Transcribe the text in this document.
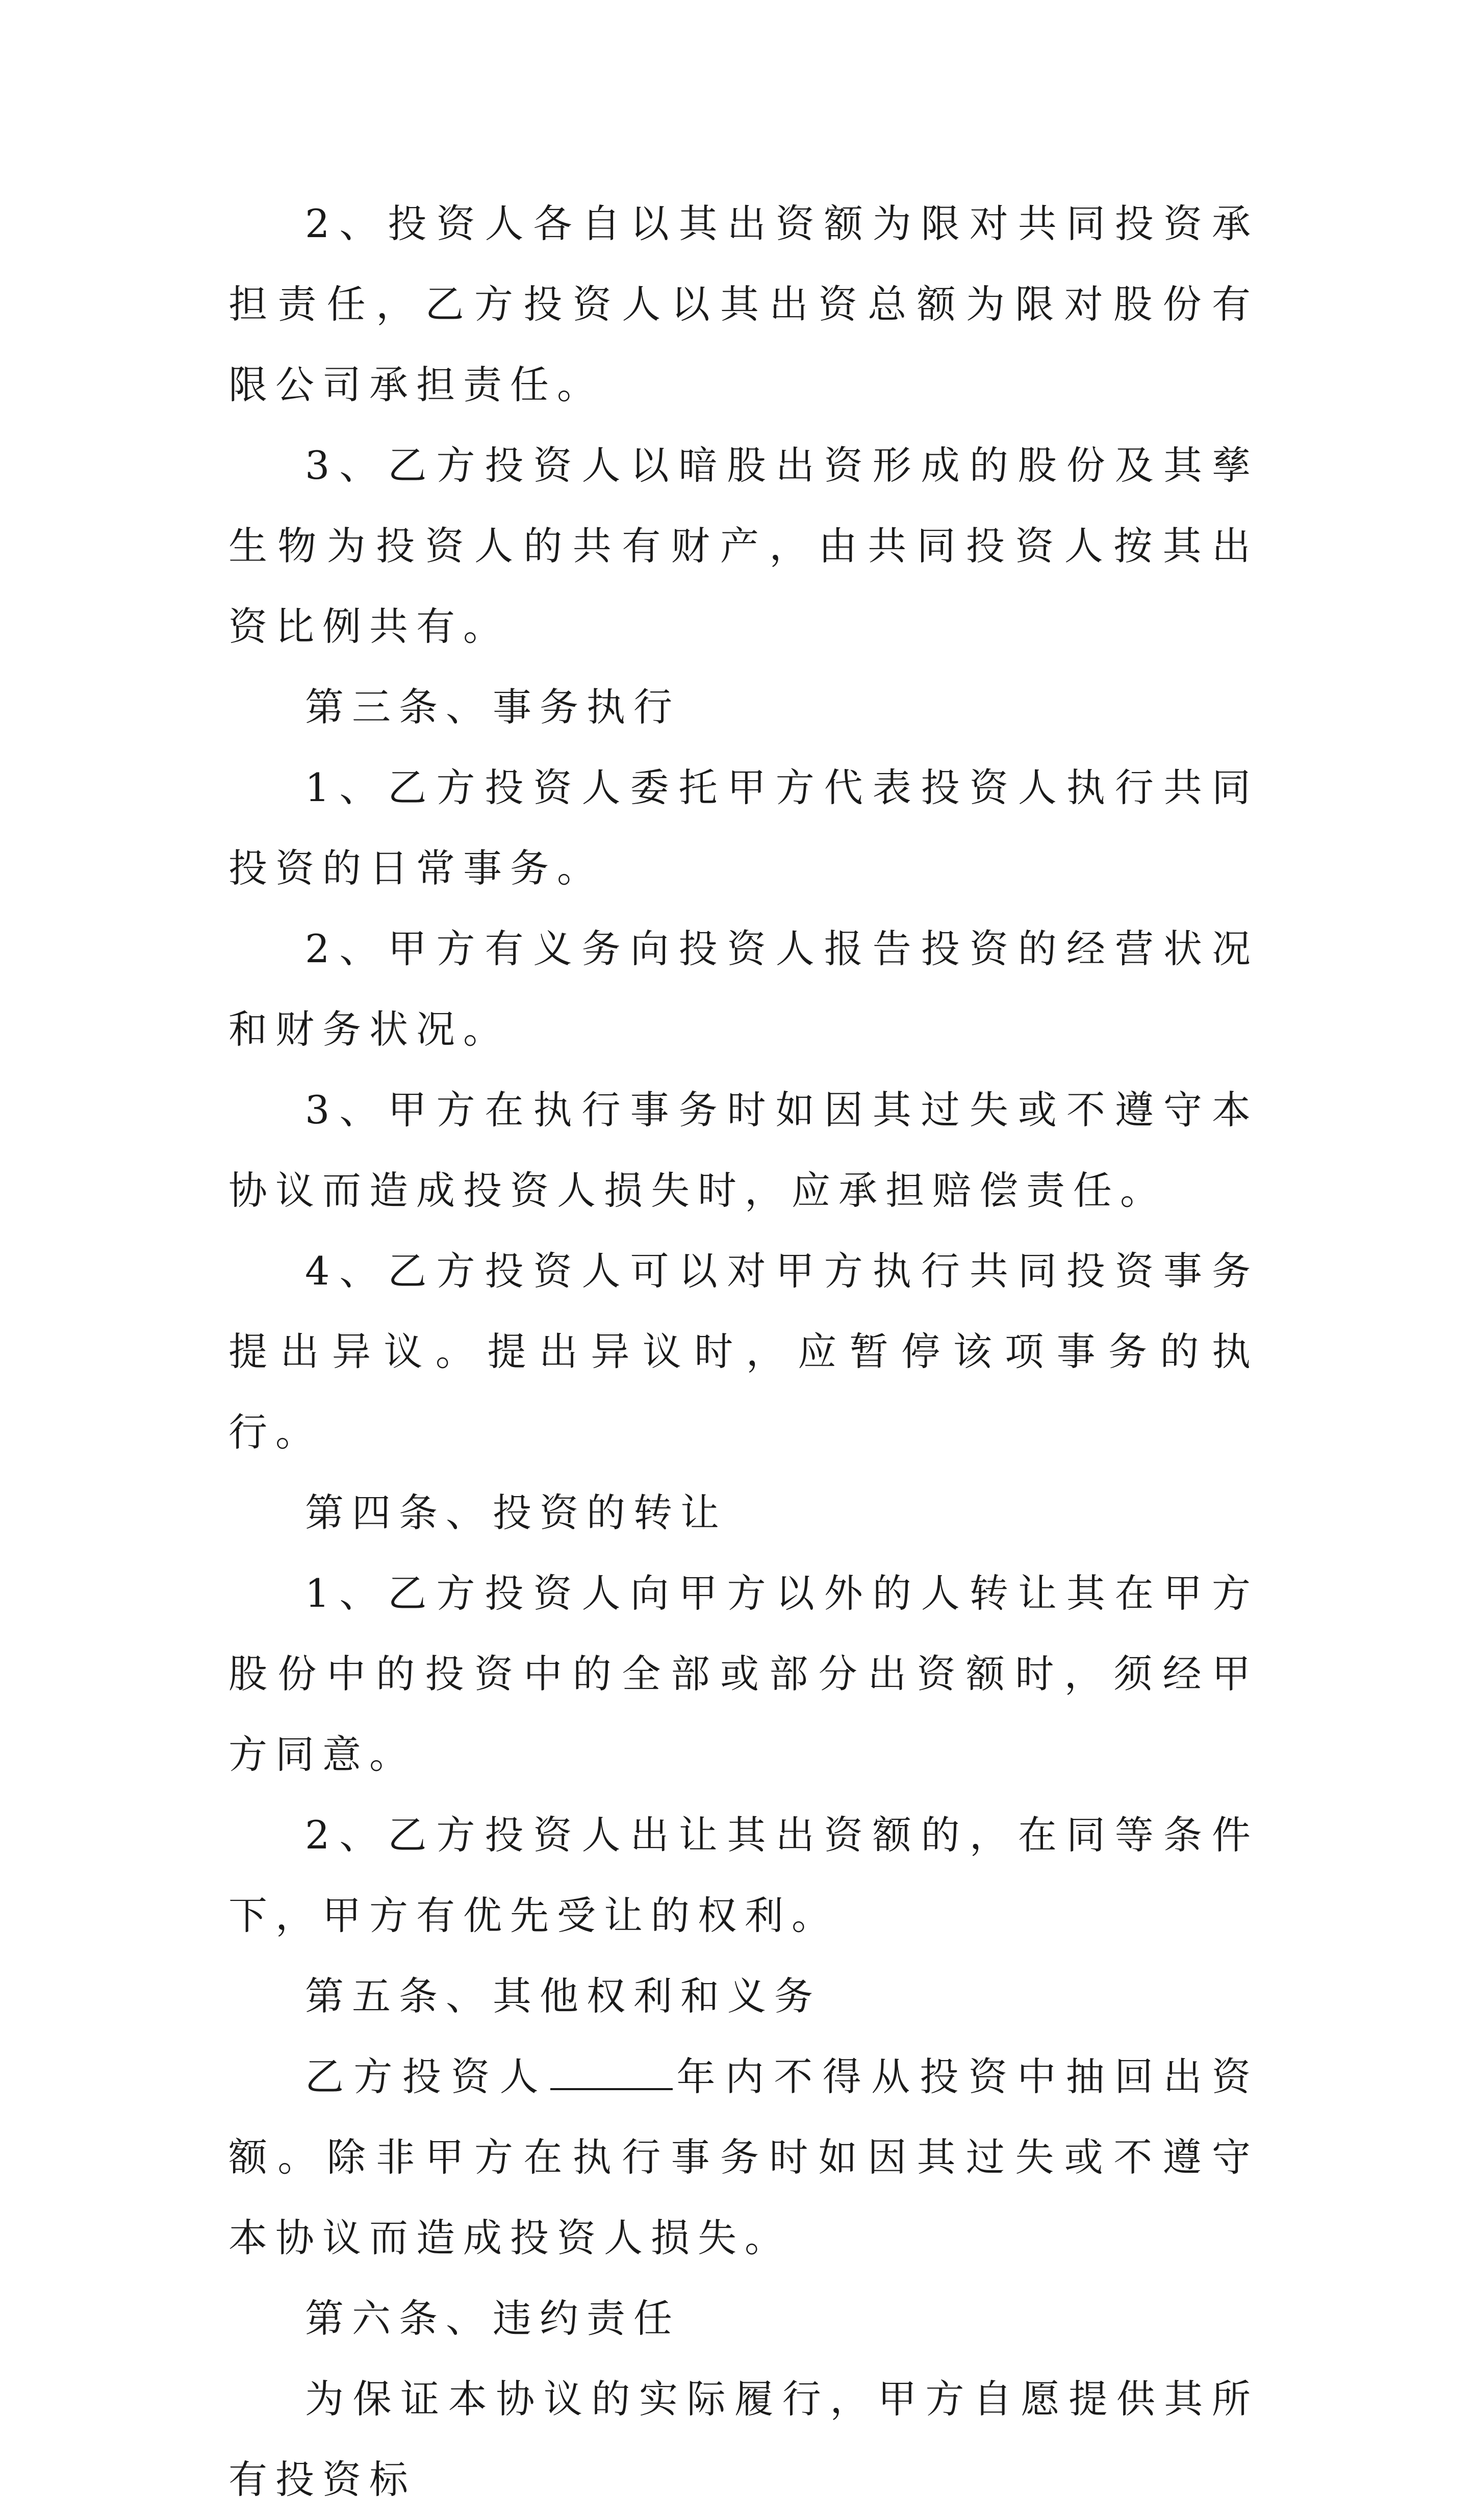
2、投资人各自以其出资额为限对共同投资承担责任，乙方投资人以其出资总额为限对股份有限公司承担责任。

3、乙方投资人以暗股出资形成的股份及其孳生物为投资人的共有财产，由共同投资人按其出资比例共有。

第三条、事务执行

1、乙方投资人委托甲方代表投资人执行共同投资的日常事务。

2、甲方有义务向投资人报告投资的经营状况和财务状况。

3、甲方在执行事务时如因其过失或不遵守本协议而造成投资人损失时，应承担赔偿责任。

4、乙方投资人可以对甲方执行共同投资事务提出异议。提出异议时，应暂停该项事务的执行。

第四条、投资的转让

1、乙方投资人向甲方以外的人转让其在甲方股份中的投资中的全部或部分出资额时，须经甲方同意。

2、乙方投资人出让其出资额的，在同等条件下，甲方有优先受让的权利。

第五条、其他权利和义务

乙方投资人	年内不得从投资中抽回出资额。除非甲方在执行事务时如因其过失或不遵守本协议而造成投资人损失。

第六条、违约责任

为保证本协议的实际履行，甲方自愿提供其所有投资标
